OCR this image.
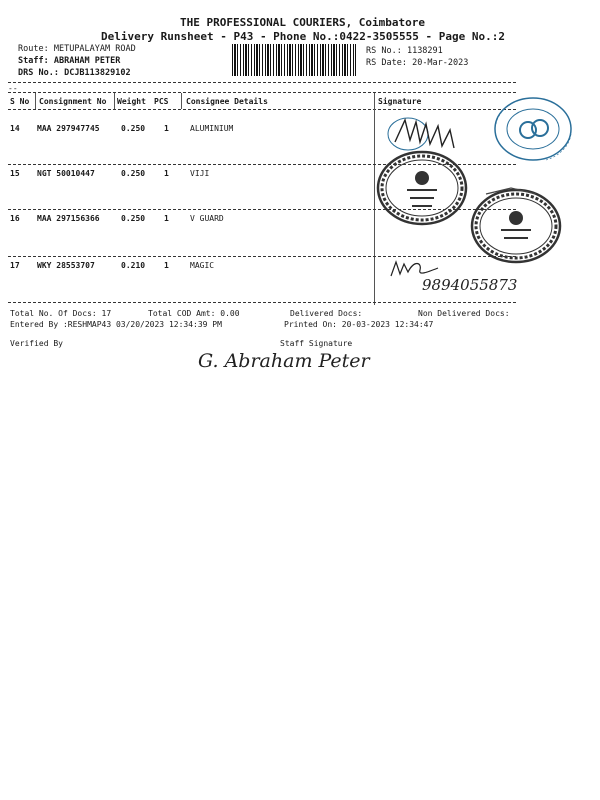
THE PROFESSIONAL COURIERS, Coimbatore
Delivery Runsheet - P43 - Phone No.:0422-3505555 - Page No.:2
Route: METUPALAYAM ROAD
Staff: ABRAHAM PETER
DRS No.: DCJB113829102
RS No.: 1138291
RS Date: 20-Mar-2023
--
S No Consignment No Weight PCS Consignee Details	Signature
14 MAA 297947745	0.250 1	ALUMINIUM
15 NGT 50010447	0.250 1	VIJI
16 MAA 297156366	0.250 1	V GUARD
17 WKY 28553707	0.210 1	MAGIC
9894055873
Total No. Of Docs: 17	Total COD Amt: 0.00	Delivered Docs:	Non Delivered Docs:
Entered By :RESHMAP43 03/20/2023 12:34:39 PM	Printed On: 20-03-2023 12:34:47
Verified By	Staff Signature
G. Abraham Peter
